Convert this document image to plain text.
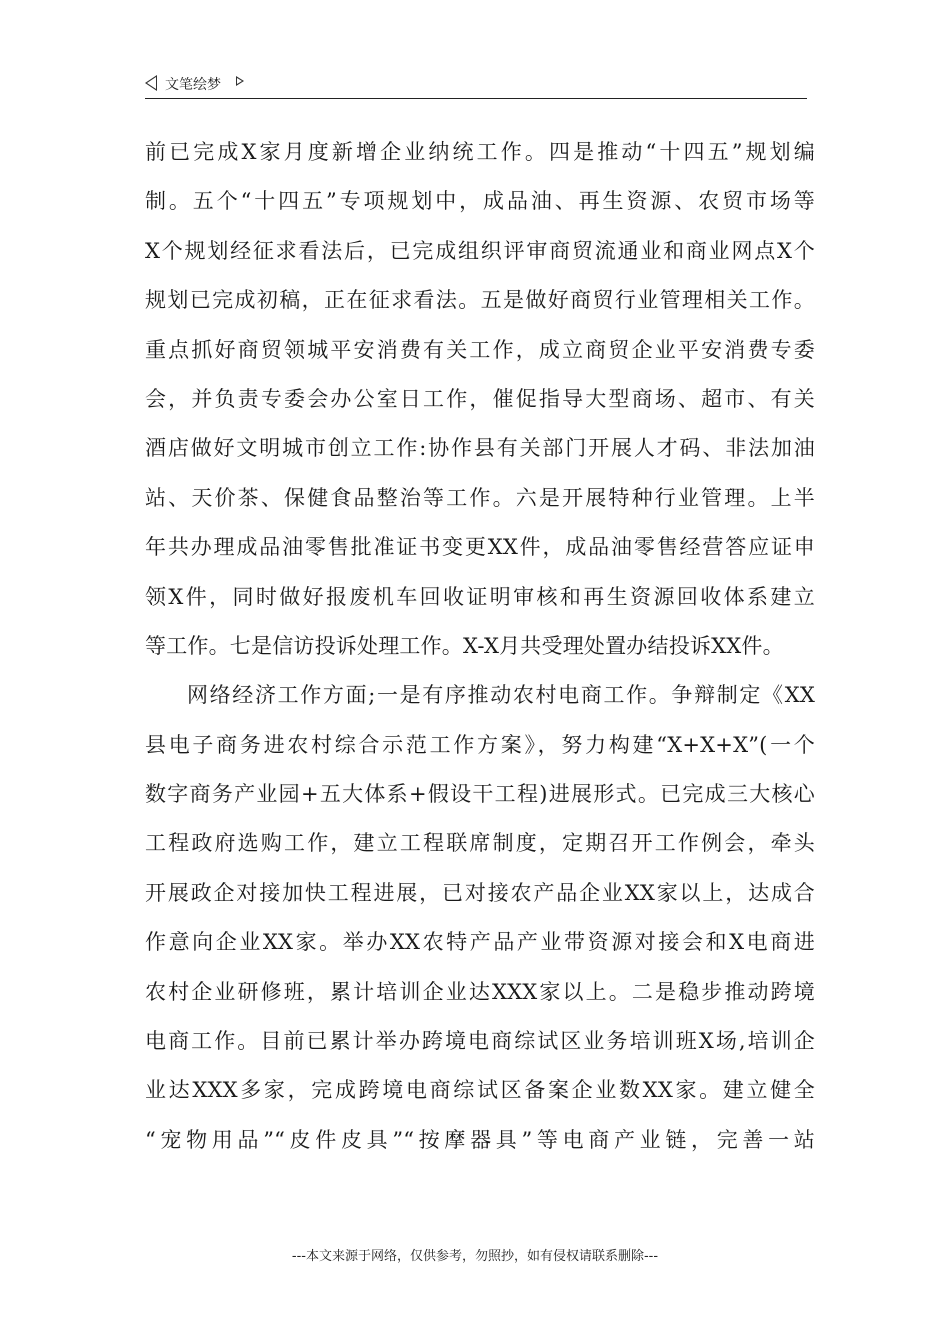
文笔绘梦
前已完成X家月度新增企业纳统工作。四是推动“十四五”规划编
制。五个“十四五”专项规划中，成品油、再生资源、农贸市场等
X个规划经征求看法后，已完成组织评审商贸流通业和商业网点X个
规划已完成初稿，正在征求看法。五是做好商贸行业管理相关工作。
重点抓好商贸领城平安消费有关工作，成立商贸企业平安消费专委
会，并负责专委会办公室日工作，催促指导大型商场、超市、有关
酒店做好文明城市创立工作:协作县有关部门开展人才码、非法加油
站、天价茶、保健食品整治等工作。六是开展特种行业管理。上半
年共办理成品油零售批准证书变更XX件，成品油零售经营答应证申
领X件，同时做好报废机车回收证明审核和再生资源回收体系建立
等工作。七是信访投诉处理工作。X-X月共受理处置办结投诉XX件。
网络经济工作方面;一是有序推动农村电商工作。争辩制定《XX
县电子商务进农村综合示范工作方案》，努力构建“X+X+X”(一个
数字商务产业园+五大体系+假设干工程)进展形式。已完成三大核心
工程政府选购工作，建立工程联席制度，定期召开工作例会，牵头
开展政企对接加快工程进展，已对接农产品企业XX家以上，达成合
作意向企业XX家。举办XX农特产品产业带资源对接会和X电商进
农村企业研修班，累计培训企业达XXX家以上。二是稳步推动跨境
电商工作。目前已累计举办跨境电商综试区业务培训班X场,培训企
业达XXX多家，完成跨境电商综试区备案企业数XX家。建立健全
“宠物用品”“皮件皮具”“按摩器具”等电商产业链，完善一站
---本文来源于网络，仅供参考，勿照抄，如有侵权请联系删除---
